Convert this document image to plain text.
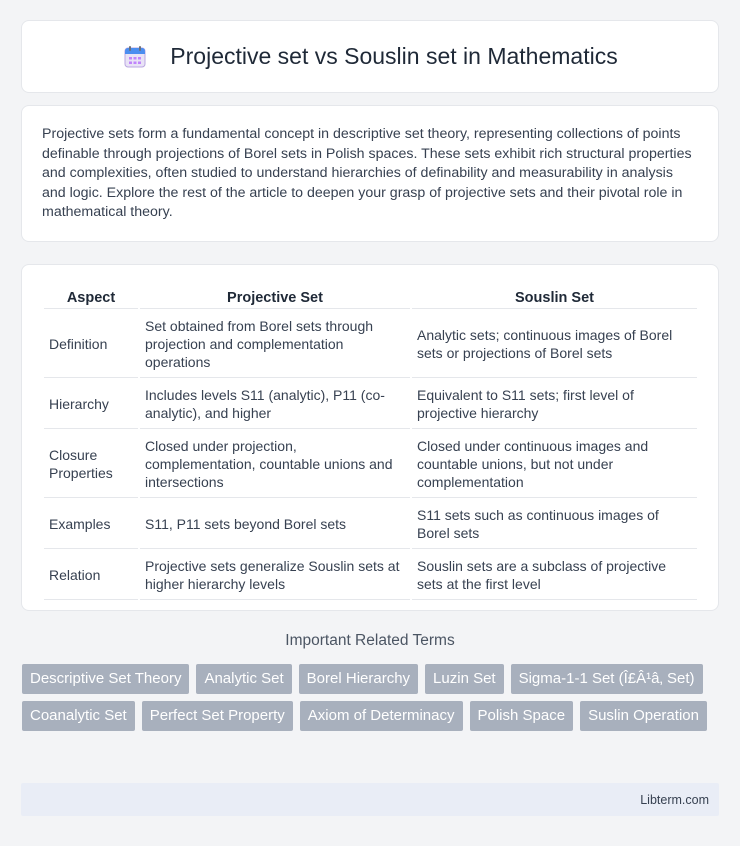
Projective set vs Souslin set in Mathematics

Projective sets form a fundamental concept in descriptive set theory, representing collections of points definable through projections of Borel sets in Polish spaces. These sets exhibit rich structural properties and complexities, often studied to understand hierarchies of definability and measurability in analysis and logic. Explore the rest of the article to deepen your grasp of projective sets and their pivotal role in mathematical theory.

Aspect	Projective Set	Souslin Set
Definition	Set obtained from Borel sets through projection and complementation operations	Analytic sets; continuous images of Borel sets or projections of Borel sets
Hierarchy	Includes levels S11 (analytic), P11 (co-analytic), and higher	Equivalent to S11 sets; first level of projective hierarchy
Closure Properties	Closed under projection, complementation, countable unions and intersections	Closed under continuous images and countable unions, but not under complementation
Examples	S11, P11 sets beyond Borel sets	S11 sets such as continuous images of Borel sets
Relation	Projective sets generalize Souslin sets at higher hierarchy levels	Souslin sets are a subclass of projective sets at the first level
Important Related Terms
Descriptive Set Theory	Analytic Set	Borel Hierarchy	Luzin Set	Sigma-1-1 Set (Î£Â¹â‚ Set)
Coanalytic Set	Perfect Set Property	Axiom of Determinacy	Polish Space	Suslin Operation
Libterm.com
